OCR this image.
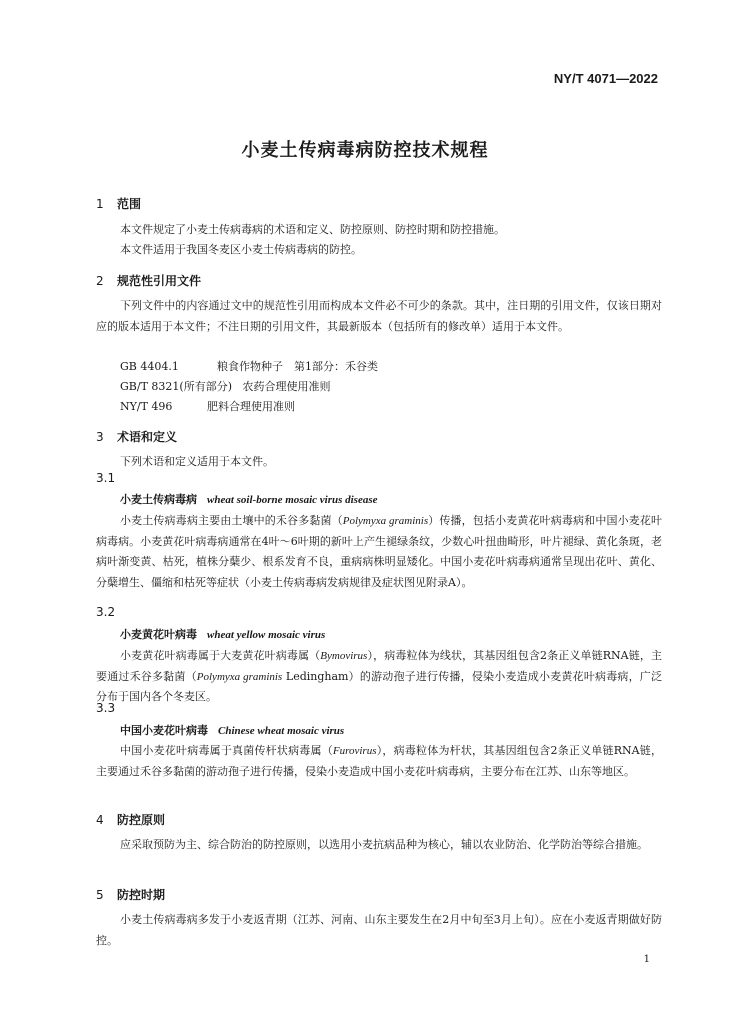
NY/T 4071—2022
小麦土传病毒病防控技术规程
1 范围
本文件规定了小麦土传病毒病的术语和定义、防控原则、防控时期和防控措施。
本文件适用于我国冬麦区小麦土传病毒病的防控。
2 规范性引用文件
下列文件中的内容通过文中的规范性引用而构成本文件必不可少的条款。其中，注日期的引用文件，仅该日期对应的版本适用于本文件；不注日期的引用文件，其最新版本（包括所有的修改单）适用于本文件。
GB 4404.1	粮食作物种子　第1部分：禾谷类
GB/T 8321(所有部分) 农药合理使用准则
NY/T 496	肥料合理使用准则
3 术语和定义
下列术语和定义适用于本文件。
3.1
小麦土传病毒病 wheat soil-borne mosaic virus disease
小麦土传病毒病主要由土壤中的禾谷多黏菌（Polymyxa graminis）传播，包括小麦黄花叶病毒病和中国小麦花叶病毒病。小麦黄花叶病毒病通常在4叶～6叶期的新叶上产生褪绿条纹，少数心叶扭曲畸形，叶片褪绿、黄化条斑，老病叶渐变黄、枯死，植株分蘖少、根系发育不良，重病病株明显矮化。中国小麦花叶病毒病通常呈现出花叶、黄化、分蘖增生、僵缩和枯死等症状（小麦土传病毒病发病规律及症状图见附录A）。
3.2
小麦黄花叶病毒 wheat yellow mosaic virus
小麦黄花叶病毒属于大麦黄花叶病毒属（Bymovirus），病毒粒体为线状，其基因组包含2条正义单链RNA链，主要通过禾谷多黏菌（Polymyxa graminis Ledingham）的游动孢子进行传播，侵染小麦造成小麦黄花叶病毒病，广泛分布于国内各个冬麦区。
3.3
中国小麦花叶病毒 Chinese wheat mosaic virus
中国小麦花叶病毒属于真菌传杆状病毒属（Furovirus），病毒粒体为杆状，其基因组包含2条正义单链RNA链，主要通过禾谷多黏菌的游动孢子进行传播，侵染小麦造成中国小麦花叶病毒病，主要分布在江苏、山东等地区。
4 防控原则
应采取预防为主、综合防治的防控原则，以选用小麦抗病品种为核心，辅以农业防治、化学防治等综合措施。
5 防控时期
小麦土传病毒病多发于小麦返青期（江苏、河南、山东主要发生在2月中旬至3月上旬）。应在小麦返青期做好防控。
1
